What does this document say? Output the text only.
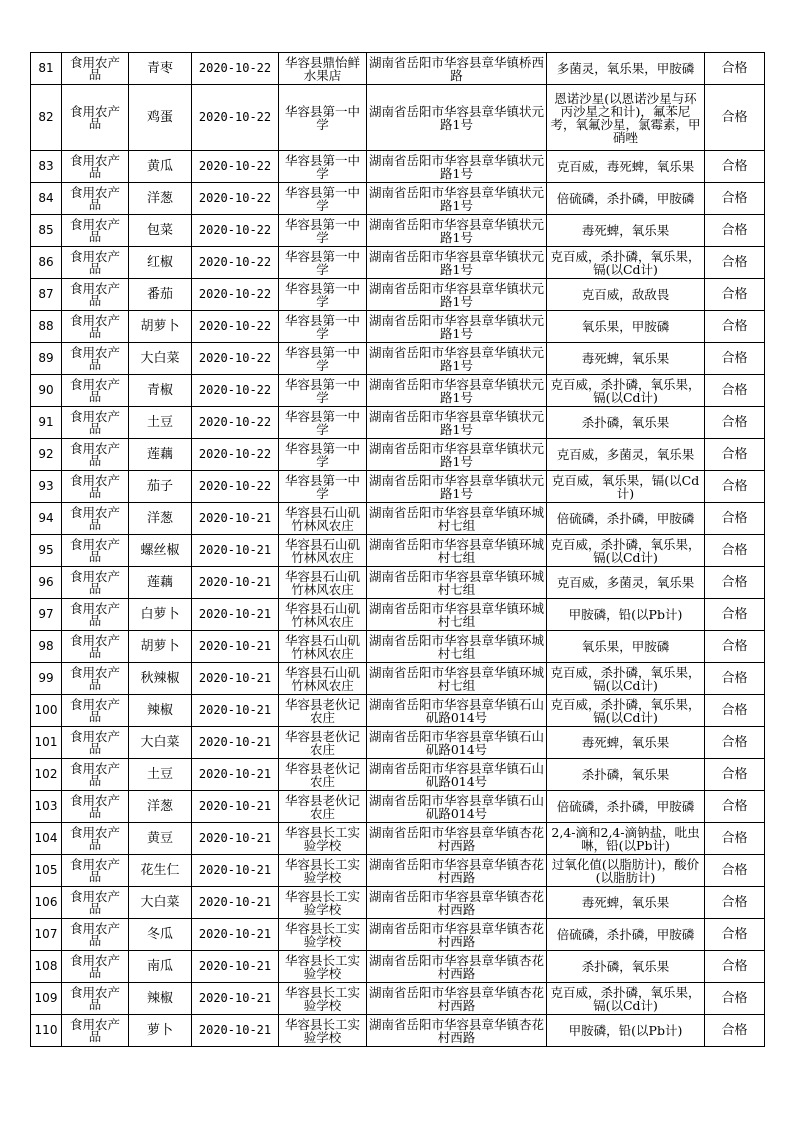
81	食用农产品	青枣	2020-10-22	华容县鼎怡鲜水果店	湖南省岳阳市华容县章华镇桥西路	多菌灵，氧乐果，甲胺磷	合格
82	食用农产品	鸡蛋	2020-10-22	华容县第一中学	湖南省岳阳市华容县章华镇状元路1号	恩诺沙星(以恩诺沙星与环丙沙星之和计)，氟苯尼考，氧氟沙星，氯霉素，甲硝唑	合格
83	食用农产品	黄瓜	2020-10-22	华容县第一中学	湖南省岳阳市华容县章华镇状元路1号	克百威，毒死蜱，氧乐果	合格
84	食用农产品	洋葱	2020-10-22	华容县第一中学	湖南省岳阳市华容县章华镇状元路1号	倍硫磷，杀扑磷，甲胺磷	合格
85	食用农产品	包菜	2020-10-22	华容县第一中学	湖南省岳阳市华容县章华镇状元路1号	毒死蜱，氧乐果	合格
86	食用农产品	红椒	2020-10-22	华容县第一中学	湖南省岳阳市华容县章华镇状元路1号	克百威，杀扑磷，氧乐果，镉(以Cd计)	合格
87	食用农产品	番茄	2020-10-22	华容县第一中学	湖南省岳阳市华容县章华镇状元路1号	克百威，敌敌畏	合格
88	食用农产品	胡萝卜	2020-10-22	华容县第一中学	湖南省岳阳市华容县章华镇状元路1号	氧乐果，甲胺磷	合格
89	食用农产品	大白菜	2020-10-22	华容县第一中学	湖南省岳阳市华容县章华镇状元路1号	毒死蜱，氧乐果	合格
90	食用农产品	青椒	2020-10-22	华容县第一中学	湖南省岳阳市华容县章华镇状元路1号	克百威，杀扑磷，氧乐果，镉(以Cd计)	合格
91	食用农产品	土豆	2020-10-22	华容县第一中学	湖南省岳阳市华容县章华镇状元路1号	杀扑磷，氧乐果	合格
92	食用农产品	莲藕	2020-10-22	华容县第一中学	湖南省岳阳市华容县章华镇状元路1号	克百威，多菌灵，氧乐果	合格
93	食用农产品	茄子	2020-10-22	华容县第一中学	湖南省岳阳市华容县章华镇状元路1号	克百威，氧乐果，镉(以Cd计)	合格
94	食用农产品	洋葱	2020-10-21	华容县石山矶竹林风农庄	湖南省岳阳市华容县章华镇环城村七组	倍硫磷，杀扑磷，甲胺磷	合格
95	食用农产品	螺丝椒	2020-10-21	华容县石山矶竹林风农庄	湖南省岳阳市华容县章华镇环城村七组	克百威，杀扑磷，氧乐果，镉(以Cd计)	合格
96	食用农产品	莲藕	2020-10-21	华容县石山矶竹林风农庄	湖南省岳阳市华容县章华镇环城村七组	克百威，多菌灵，氧乐果	合格
97	食用农产品	白萝卜	2020-10-21	华容县石山矶竹林风农庄	湖南省岳阳市华容县章华镇环城村七组	甲胺磷，铅(以Pb计)	合格
98	食用农产品	胡萝卜	2020-10-21	华容县石山矶竹林风农庄	湖南省岳阳市华容县章华镇环城村七组	氧乐果，甲胺磷	合格
99	食用农产品	秋辣椒	2020-10-21	华容县石山矶竹林风农庄	湖南省岳阳市华容县章华镇环城村七组	克百威，杀扑磷，氧乐果，镉(以Cd计)	合格
100	食用农产品	辣椒	2020-10-21	华容县老伙记农庄	湖南省岳阳市华容县章华镇石山矶路014号	克百威，杀扑磷，氧乐果，镉(以Cd计)	合格
101	食用农产品	大白菜	2020-10-21	华容县老伙记农庄	湖南省岳阳市华容县章华镇石山矶路014号	毒死蜱，氧乐果	合格
102	食用农产品	土豆	2020-10-21	华容县老伙记农庄	湖南省岳阳市华容县章华镇石山矶路014号	杀扑磷，氧乐果	合格
103	食用农产品	洋葱	2020-10-21	华容县老伙记农庄	湖南省岳阳市华容县章华镇石山矶路014号	倍硫磷，杀扑磷，甲胺磷	合格
104	食用农产品	黄豆	2020-10-21	华容县长工实验学校	湖南省岳阳市华容县章华镇杏花村西路	2,4-滴和2,4-滴钠盐，吡虫啉，铅(以Pb计)	合格
105	食用农产品	花生仁	2020-10-21	华容县长工实验学校	湖南省岳阳市华容县章华镇杏花村西路	过氧化值(以脂肪计)，酸价(以脂肪计)	合格
106	食用农产品	大白菜	2020-10-21	华容县长工实验学校	湖南省岳阳市华容县章华镇杏花村西路	毒死蜱，氧乐果	合格
107	食用农产品	冬瓜	2020-10-21	华容县长工实验学校	湖南省岳阳市华容县章华镇杏花村西路	倍硫磷，杀扑磷，甲胺磷	合格
108	食用农产品	南瓜	2020-10-21	华容县长工实验学校	湖南省岳阳市华容县章华镇杏花村西路	杀扑磷，氧乐果	合格
109	食用农产品	辣椒	2020-10-21	华容县长工实验学校	湖南省岳阳市华容县章华镇杏花村西路	克百威，杀扑磷，氧乐果，镉(以Cd计)	合格
110	食用农产品	萝卜	2020-10-21	华容县长工实验学校	湖南省岳阳市华容县章华镇杏花村西路	甲胺磷，铅(以Pb计)	合格
